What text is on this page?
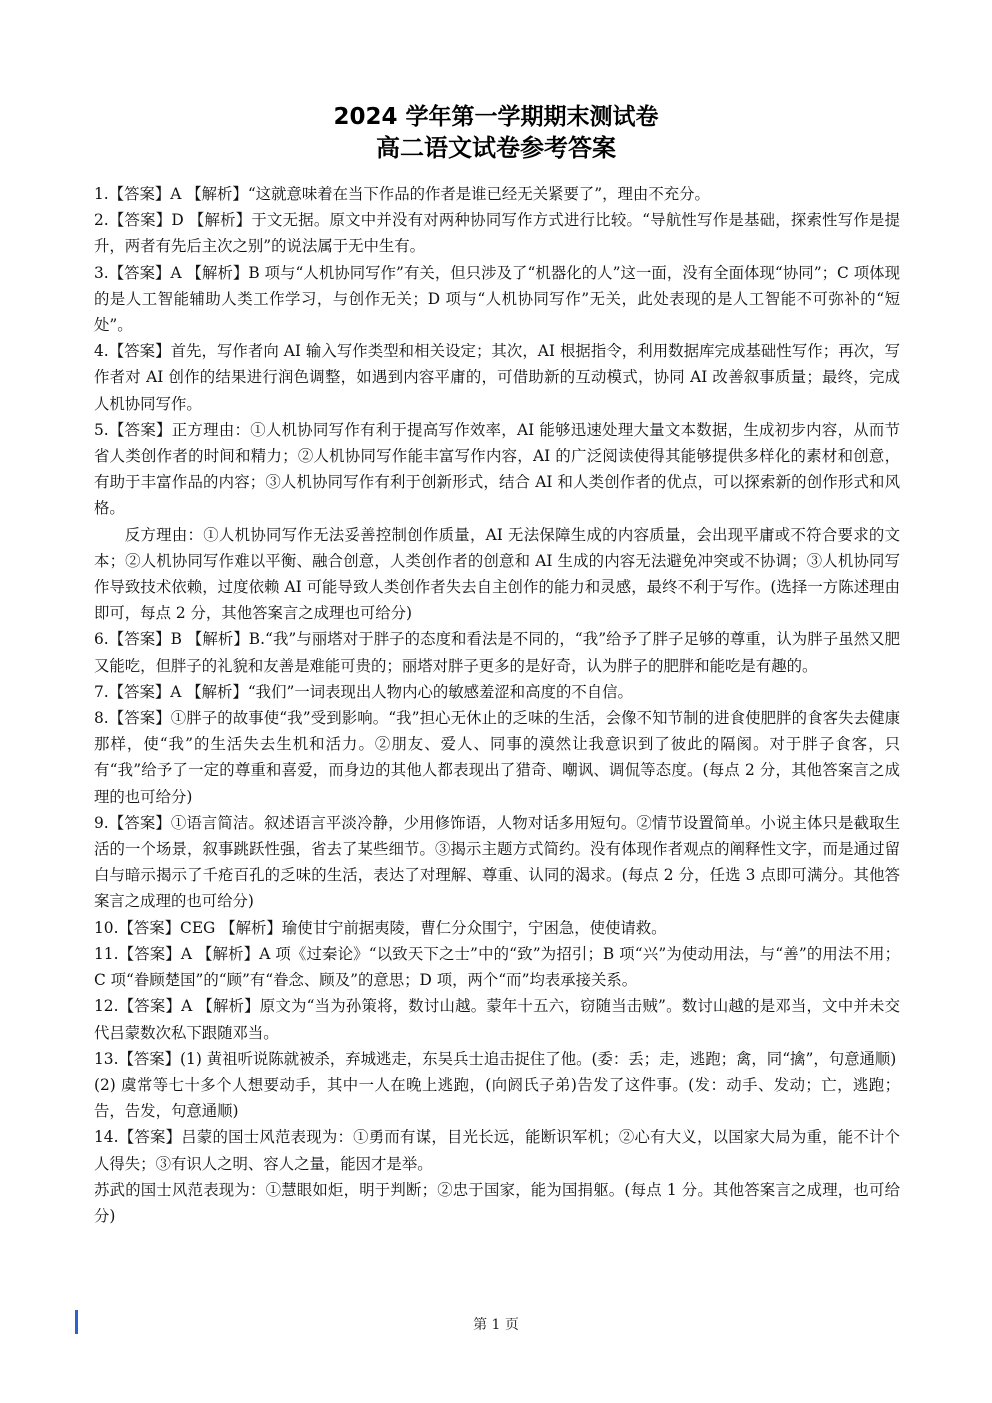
2024 学年第一学期期末测试卷
高二语文试卷参考答案

1.【答案】A 【解析】“这就意味着在当下作品的作者是谁已经无关紧要了”，理由不充分。

2.【答案】D 【解析】于文无据。原文中并没有对两种协同写作方式进行比较。“导航性写作是基础，探索性写作是提升，两者有先后主次之别”的说法属于无中生有。

3.【答案】A 【解析】B 项与“人机协同写作”有关，但只涉及了“机器化的人”这一面，没有全面体现“协同”；C 项体现的是人工智能辅助人类工作学习，与创作无关；D 项与“人机协同写作”无关，此处表现的是人工智能不可弥补的“短处”。

4.【答案】首先，写作者向 AI 输入写作类型和相关设定；其次，AI 根据指令，利用数据库完成基础性写作；再次，写作者对 AI 创作的结果进行润色调整，如遇到内容平庸的，可借助新的互动模式，协同 AI 改善叙事质量；最终，完成人机协同写作。

5.【答案】正方理由：①人机协同写作有利于提高写作效率，AI 能够迅速处理大量文本数据，生成初步内容，从而节省人类创作者的时间和精力；②人机协同写作能丰富写作内容，AI 的广泛阅读使得其能够提供多样化的素材和创意，有助于丰富作品的内容；③人机协同写作有利于创新形式，结合 AI 和人类创作者的优点，可以探索新的创作形式和风格。

反方理由：①人机协同写作无法妥善控制创作质量，AI 无法保障生成的内容质量，会出现平庸或不符合要求的文本；②人机协同写作难以平衡、融合创意，人类创作者的创意和 AI 生成的内容无法避免冲突或不协调；③人机协同写作导致技术依赖，过度依赖 AI 可能导致人类创作者失去自主创作的能力和灵感，最终不利于写作。(选择一方陈述理由即可，每点 2 分，其他答案言之成理也可给分)

6.【答案】B 【解析】B.“我”与丽塔对于胖子的态度和看法是不同的，“我”给予了胖子足够的尊重，认为胖子虽然又肥又能吃，但胖子的礼貌和友善是难能可贵的；丽塔对胖子更多的是好奇，认为胖子的肥胖和能吃是有趣的。

7.【答案】A 【解析】“我们”一词表现出人物内心的敏感羞涩和高度的不自信。

8.【答案】①胖子的故事使“我”受到影响。“我”担心无休止的乏味的生活，会像不知节制的进食使肥胖的食客失去健康那样，使“我”的生活失去生机和活力。②朋友、爱人、同事的漠然让我意识到了彼此的隔阂。对于胖子食客，只有“我”给予了一定的尊重和喜爱，而身边的其他人都表现出了猎奇、嘲讽、调侃等态度。(每点 2 分，其他答案言之成理的也可给分)

9.【答案】①语言简洁。叙述语言平淡冷静，少用修饰语，人物对话多用短句。②情节设置简单。小说主体只是截取生活的一个场景，叙事跳跃性强，省去了某些细节。③揭示主题方式简约。没有体现作者观点的阐释性文字，而是通过留白与暗示揭示了千疮百孔的乏味的生活，表达了对理解、尊重、认同的渴求。(每点 2 分，任选 3 点即可满分。其他答案言之成理的也可给分)

10.【答案】CEG 【解析】瑜使甘宁前据夷陵，曹仁分众围宁，宁困急，使使请救。

11.【答案】A 【解析】A 项《过秦论》“以致天下之士”中的“致”为招引；B 项“兴”为使动用法，与“善”的用法不用；C 项“眷顾楚国”的“顾”有“眷念、顾及”的意思；D 项，两个“而”均表承接关系。

12.【答案】A 【解析】原文为“当为孙策将，数讨山越。蒙年十五六，窃随当击贼”。数讨山越的是邓当，文中并未交代吕蒙数次私下跟随邓当。

13.【答案】(1) 黄祖听说陈就被杀，弃城逃走，东吴兵士追击捉住了他。(委：丢；走，逃跑；禽，同“擒”，句意通顺)

(2) 虞常等七十多个人想要动手，其中一人在晚上逃跑，(向阏氏子弟)告发了这件事。(发：动手、发动；亡，逃跑；告，告发，句意通顺)

14.【答案】吕蒙的国士风范表现为：①勇而有谋，目光长远，能断识军机；②心有大义，以国家大局为重，能不计个人得失；③有识人之明、容人之量，能因才是举。

苏武的国士风范表现为：①慧眼如炬，明于判断；②忠于国家，能为国捐躯。(每点 1 分。其他答案言之成理，也可给分)

第 1 页
